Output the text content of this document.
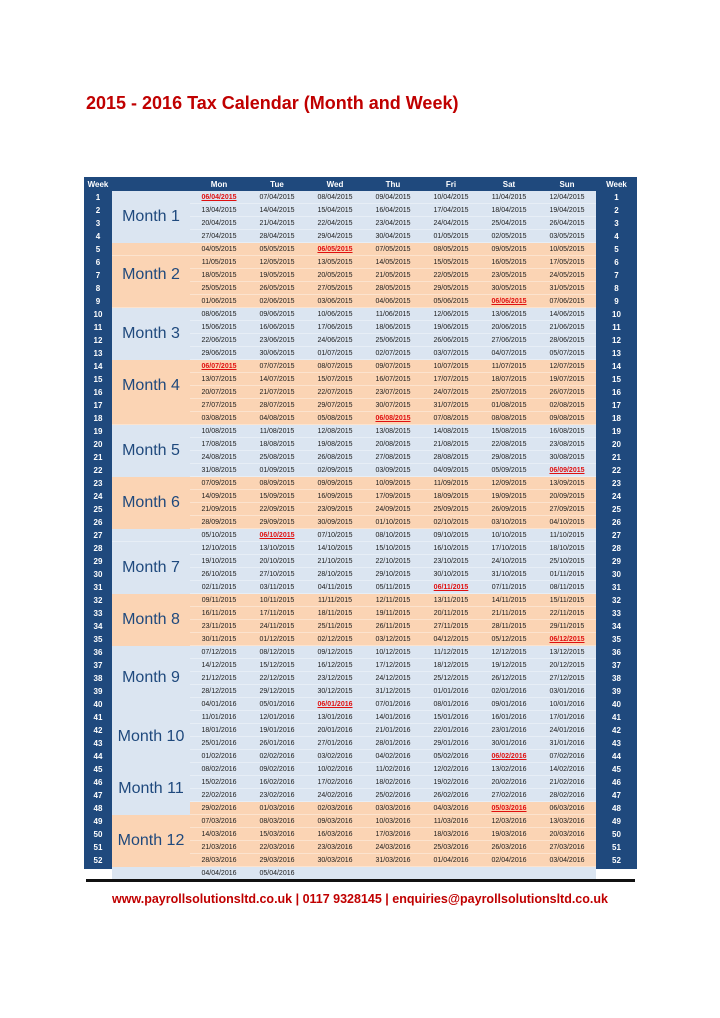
2015 - 2016 Tax Calendar (Month and Week)
Week		Mon	Tue	Wed	Thu	Fri	Sat	Sun	Week
1	Month 1	06/04/2015	07/04/2015	08/04/2015	09/04/2015	10/04/2015	11/04/2015	12/04/2015	1
2		13/04/2015	14/04/2015	15/04/2015	16/04/2015	17/04/2015	18/04/2015	19/04/2015	2
3		20/04/2015	21/04/2015	22/04/2015	23/04/2015	24/04/2015	25/04/2015	26/04/2015	3
4		27/04/2015	28/04/2015	29/04/2015	30/04/2015	01/05/2015	02/05/2015	03/05/2015	4
5		04/05/2015	05/05/2015	06/05/2015	07/05/2015	08/05/2015	09/05/2015	10/05/2015	5
6	Month 2	11/05/2015	12/05/2015	13/05/2015	14/05/2015	15/05/2015	16/05/2015	17/05/2015	6
7		18/05/2015	19/05/2015	20/05/2015	21/05/2015	22/05/2015	23/05/2015	24/05/2015	7
8		25/05/2015	26/05/2015	27/05/2015	28/05/2015	29/05/2015	30/05/2015	31/05/2015	8
9		01/06/2015	02/06/2015	03/06/2015	04/06/2015	05/06/2015	06/06/2015	07/06/2015	9
10	Month 3	08/06/2015	09/06/2015	10/06/2015	11/06/2015	12/06/2015	13/06/2015	14/06/2015	10
11		15/06/2015	16/06/2015	17/06/2015	18/06/2015	19/06/2015	20/06/2015	21/06/2015	11
12		22/06/2015	23/06/2015	24/06/2015	25/06/2015	26/06/2015	27/06/2015	28/06/2015	12
13		29/06/2015	30/06/2015	01/07/2015	02/07/2015	03/07/2015	04/07/2015	05/07/2015	13
14	Month 4	06/07/2015	07/07/2015	08/07/2015	09/07/2015	10/07/2015	11/07/2015	12/07/2015	14
15		13/07/2015	14/07/2015	15/07/2015	16/07/2015	17/07/2015	18/07/2015	19/07/2015	15
16		20/07/2015	21/07/2015	22/07/2015	23/07/2015	24/07/2015	25/07/2015	26/07/2015	16
17		27/07/2015	28/07/2015	29/07/2015	30/07/2015	31/07/2015	01/08/2015	02/08/2015	17
18		03/08/2015	04/08/2015	05/08/2015	06/08/2015	07/08/2015	08/08/2015	09/08/2015	18
19	Month 5	10/08/2015	11/08/2015	12/08/2015	13/08/2015	14/08/2015	15/08/2015	16/08/2015	19
20		17/08/2015	18/08/2015	19/08/2015	20/08/2015	21/08/2015	22/08/2015	23/08/2015	20
21		24/08/2015	25/08/2015	26/08/2015	27/08/2015	28/08/2015	29/08/2015	30/08/2015	21
22		31/08/2015	01/09/2015	02/09/2015	03/09/2015	04/09/2015	05/09/2015	06/09/2015	22
23	Month 6	07/09/2015	08/09/2015	09/09/2015	10/09/2015	11/09/2015	12/09/2015	13/09/2015	23
24		14/09/2015	15/09/2015	16/09/2015	17/09/2015	18/09/2015	19/09/2015	20/09/2015	24
25		21/09/2015	22/09/2015	23/09/2015	24/09/2015	25/09/2015	26/09/2015	27/09/2015	25
26		28/09/2015	29/09/2015	30/09/2015	01/10/2015	02/10/2015	03/10/2015	04/10/2015	26
27		05/10/2015	06/10/2015	07/10/2015	08/10/2015	09/10/2015	10/10/2015	11/10/2015	27
28	Month 7	12/10/2015	13/10/2015	14/10/2015	15/10/2015	16/10/2015	17/10/2015	18/10/2015	28
29		19/10/2015	20/10/2015	21/10/2015	22/10/2015	23/10/2015	24/10/2015	25/10/2015	29
30		26/10/2015	27/10/2015	28/10/2015	29/10/2015	30/10/2015	31/10/2015	01/11/2015	30
31		02/11/2015	03/11/2015	04/11/2015	05/11/2015	06/11/2015	07/11/2015	08/11/2015	31
32	Month 8	09/11/2015	10/11/2015	11/11/2015	12/11/2015	13/11/2015	14/11/2015	15/11/2015	32
33		16/11/2015	17/11/2015	18/11/2015	19/11/2015	20/11/2015	21/11/2015	22/11/2015	33
34		23/11/2015	24/11/2015	25/11/2015	26/11/2015	27/11/2015	28/11/2015	29/11/2015	34
35		30/11/2015	01/12/2015	02/12/2015	03/12/2015	04/12/2015	05/12/2015	06/12/2015	35
36	Month 9	07/12/2015	08/12/2015	09/12/2015	10/12/2015	11/12/2015	12/12/2015	13/12/2015	36
37		14/12/2015	15/12/2015	16/12/2015	17/12/2015	18/12/2015	19/12/2015	20/12/2015	37
38		21/12/2015	22/12/2015	23/12/2015	24/12/2015	25/12/2015	26/12/2015	27/12/2015	38
39		28/12/2015	29/12/2015	30/12/2015	31/12/2015	01/01/2016	02/01/2016	03/01/2016	39
40		04/01/2016	05/01/2016	06/01/2016	07/01/2016	08/01/2016	09/01/2016	10/01/2016	40
41	Month 10	11/01/2016	12/01/2016	13/01/2016	14/01/2016	15/01/2016	16/01/2016	17/01/2016	41
42		18/01/2016	19/01/2016	20/01/2016	21/01/2016	22/01/2016	23/01/2016	24/01/2016	42
43		25/01/2016	26/01/2016	27/01/2016	28/01/2016	29/01/2016	30/01/2016	31/01/2016	43
44		01/02/2016	02/02/2016	03/02/2016	04/02/2016	05/02/2016	06/02/2016	07/02/2016	44
45	Month 11	08/02/2016	09/02/2016	10/02/2016	11/02/2016	12/02/2016	13/02/2016	14/02/2016	45
46		15/02/2016	16/02/2016	17/02/2016	18/02/2016	19/02/2016	20/02/2016	21/02/2016	46
47		22/02/2016	23/02/2016	24/02/2016	25/02/2016	26/02/2016	27/02/2016	28/02/2016	47
48		29/02/2016	01/03/2016	02/03/2016	03/03/2016	04/03/2016	05/03/2016	06/03/2016	48
49	Month 12	07/03/2016	08/03/2016	09/03/2016	10/03/2016	11/03/2016	12/03/2016	13/03/2016	49
50		14/03/2016	15/03/2016	16/03/2016	17/03/2016	18/03/2016	19/03/2016	20/03/2016	50
51		21/03/2016	22/03/2016	23/03/2016	24/03/2016	25/03/2016	26/03/2016	27/03/2016	51
52		28/03/2016	29/03/2016	30/03/2016	31/03/2016	01/04/2016	02/04/2016	03/04/2016	52
53		04/04/2016	05/04/2016						53
www.payrollsolutionsltd.co.uk | 0117 9328145 | enquiries@payrollsolutionsltd.co.uk
